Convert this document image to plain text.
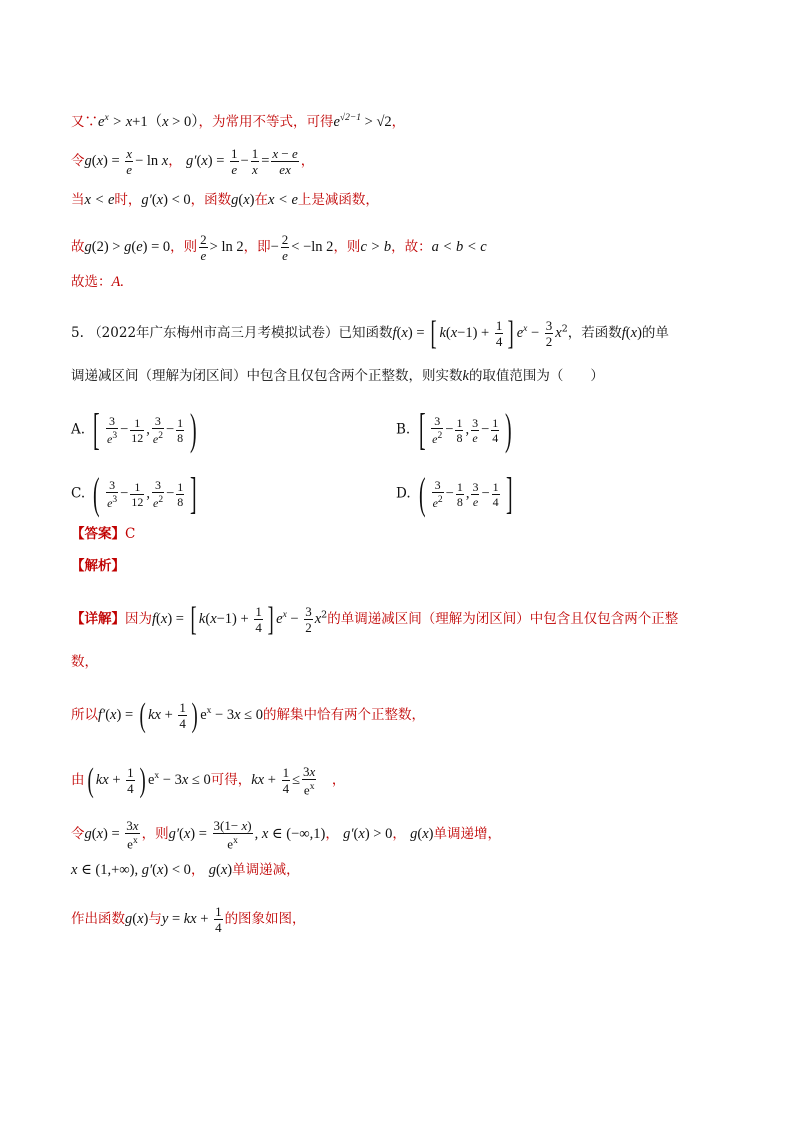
又$\because e^x > x+1(x > 0)$，为常用不等式，可得$e^{√2-1} > √2$，
令$g(x) = \frac{x}{e} - \ln x$， $g'(x) = \frac{1}{e} - \frac{1}{x} = \frac{x - e}{ex}$ ，
当x < e时，g′(x) < 0，函数g(x)在x < e上是减函数，
故g(2) > g(e) = 0，则 $\frac{2}{e} > \ln 2$，即− $\frac{2}{e} < -\ln$ 2，则c > b，故：a < b < c
故选：A.
5. （2022年广东梅州市高三月考模拟试卷）已知函数f(x) = [ $k(x-1) + \frac{1}{4}$ ] $e^x - \frac{3}{2} x^2$，若函数f(x)的单
调递减区间（理解为闭区间）中包含且仅包含两个正整数，则实数k的取值范围为（　　）
A. [ $\frac{3}{e^3} - \frac{1}{12}$ , $\frac{3}{e^2} - \frac{1}{8}$ )	B. [ $\frac{3}{e^2} - \frac{1}{8}$ , $\frac{3}{e} - \frac{1}{4}$ )
C. ( $\frac{3}{e^3} - \frac{1}{12}$ , $\frac{3}{e^2} - \frac{1}{8}$ ]	D. ( $\frac{3}{e^2} - \frac{1}{8}$ , $\frac{3}{e} - \frac{1}{4}$ ]
【答案】C
【解析】
【详解】因为f(x) = [ $k(x-1) + \frac{1}{4}$ ] $e^x - \frac{3}{2} x^2$的单调递减区间（理解为闭区间）中包含且仅包含两个正整
数，
所以f′(x) = ( kx + $\frac{1}{4}$ ) $e^x - 3x \le 0$的解集中恰有两个正整数，
由( kx + $\frac{1}{4}$ ) $e^x - 3x \le 0$可得，kx + $\frac{1}{4} \le \frac{3x}{e^x}$
　 ，
令$g(x) = \frac{3x}{e^x}$ ，则$g'(x) = \frac{3(1- x)}{e^x}$ , x ∈ (−∞,1)， g′(x) > 0， g(x)单调递增，
x ∈ (1,+∞), g′(x) < 0， g(x)单调递减，
作出函数g(x)与y = kx + $\frac{1}{4}$ 的图象如图，
